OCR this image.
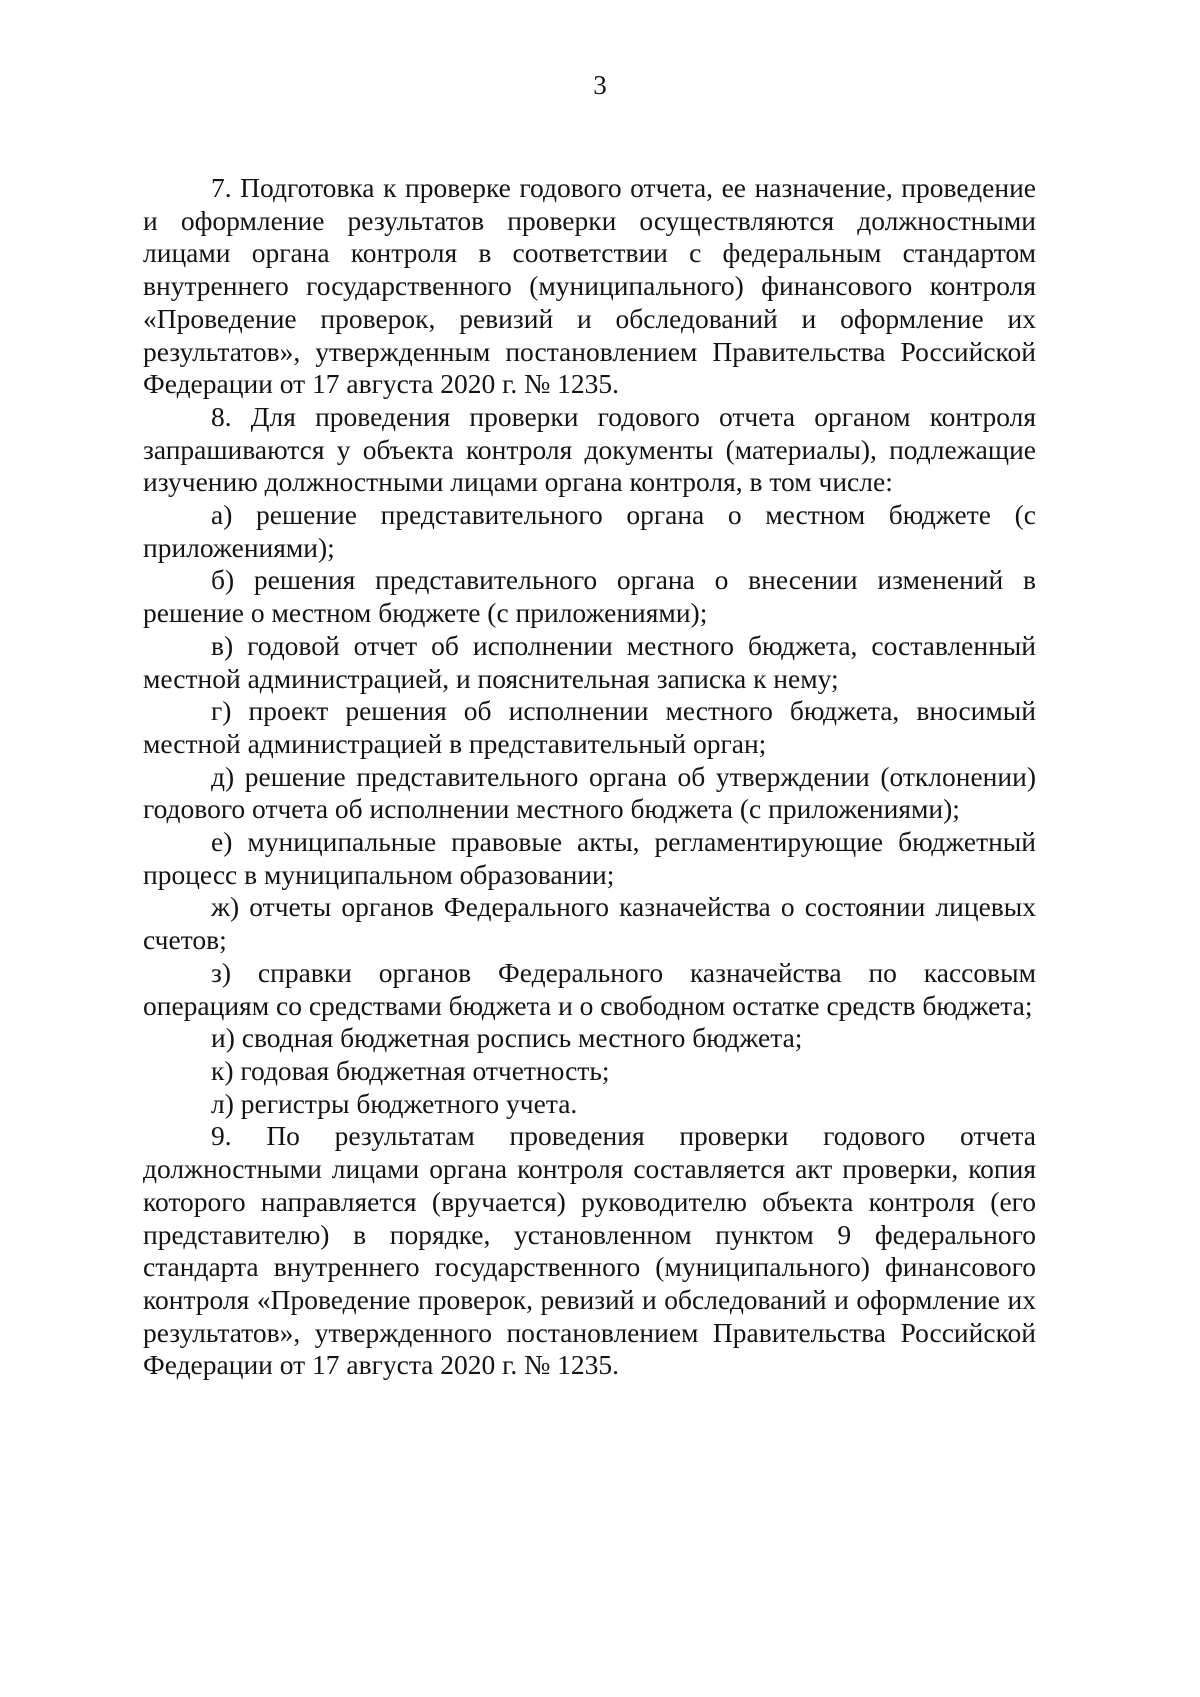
3

7. Подготовка к проверке годового отчета, ее назначение, проведение и оформление результатов проверки осуществляются должностными лицами органа контроля в соответствии с федеральным стандартом внутреннего государственного (муниципального) финансового контроля «Проведение проверок, ревизий и обследований и оформление их результатов», утвержденным постановлением Правительства Российской Федерации от 17 августа 2020 г. № 1235.

8. Для проведения проверки годового отчета органом контроля запрашиваются у объекта контроля документы (материалы), подлежащие изучению должностными лицами органа контроля, в том числе:

а) решение представительного органа о местном бюджете (с приложениями);

б) решения представительного органа о внесении изменений в решение о местном бюджете (с приложениями);

в) годовой отчет об исполнении местного бюджета, составленный местной администрацией, и пояснительная записка к нему;

г) проект решения об исполнении местного бюджета, вносимый местной администрацией в представительный орган;

д) решение представительного органа об утверждении (отклонении) годового отчета об исполнении местного бюджета (с приложениями);

е) муниципальные правовые акты, регламентирующие бюджетный процесс в муниципальном образовании;

ж) отчеты органов Федерального казначейства о состоянии лицевых счетов;

з) справки органов Федерального казначейства по кассовым операциям со средствами бюджета и о свободном остатке средств бюджета;

и) сводная бюджетная роспись местного бюджета;

к) годовая бюджетная отчетность;

л) регистры бюджетного учета.

9. По результатам проведения проверки годового отчета должностными лицами органа контроля составляется акт проверки, копия которого направляется (вручается) руководителю объекта контроля (его представителю) в порядке, установленном пунктом 9 федерального стандарта внутреннего государственного (муниципального) финансового контроля «Проведение проверок, ревизий и обследований и оформление их результатов», утвержденного постановлением Правительства Российской Федерации от 17 августа 2020 г. № 1235.
